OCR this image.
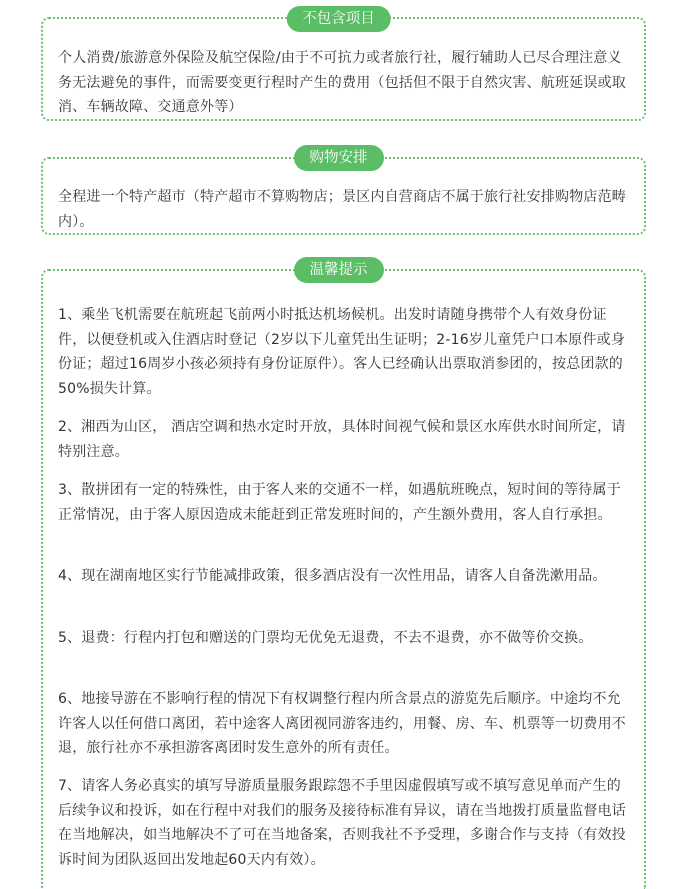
不包含项目

个人消费/旅游意外保险及航空保险/由于不可抗力或者旅行社，履行辅助人已尽合理注意义务无法避免的事件，而需要变更行程时产生的费用（包括但不限于自然灾害、航班延误或取消、车辆故障、交通意外等）

购物安排

全程进一个特产超市（特产超市不算购物店；景区内自营商店不属于旅行社安排购物店范畴内）。

温馨提示

1、乘坐飞机需要在航班起飞前两小时抵达机场候机。出发时请随身携带个人有效身份证件，以便登机或入住酒店时登记（2岁以下儿童凭出生证明；2-16岁儿童凭户口本原件或身份证；超过16周岁小孩必须持有身份证原件）。客人已经确认出票取消参团的，按总团款的50%损失计算。

2、湘西为山区， 酒店空调和热水定时开放，具体时间视气候和景区水库供水时间所定，请特别注意。

3、散拼团有一定的特殊性，由于客人来的交通不一样，如遇航班晚点，短时间的等待属于正常情况，由于客人原因造成未能赶到正常发班时间的，产生额外费用，客人自行承担。

4、现在湖南地区实行节能减排政策，很多酒店没有一次性用品，请客人自备洗漱用品。

5、退费：行程内打包和赠送的门票均无优免无退费，不去不退费，亦不做等价交换。

6、地接导游在不影响行程的情况下有权调整行程内所含景点的游览先后顺序。中途均不允许客人以任何借口离团，若中途客人离团视同游客违约，用餐、房、车、机票等一切费用不退，旅行社亦不承担游客离团时发生意外的所有责任。

7、请客人务必真实的填写导游质量服务跟踪怨不手里因虚假填写或不填写意见单而产生的后续争议和投诉，如在行程中对我们的服务及接待标准有异议，请在当地拨打质量监督电话在当地解决，如当地解决不了可在当地备案，否则我社不予受理，多谢合作与支持（有效投诉时间为团队返回出发地起60天内有效）。
